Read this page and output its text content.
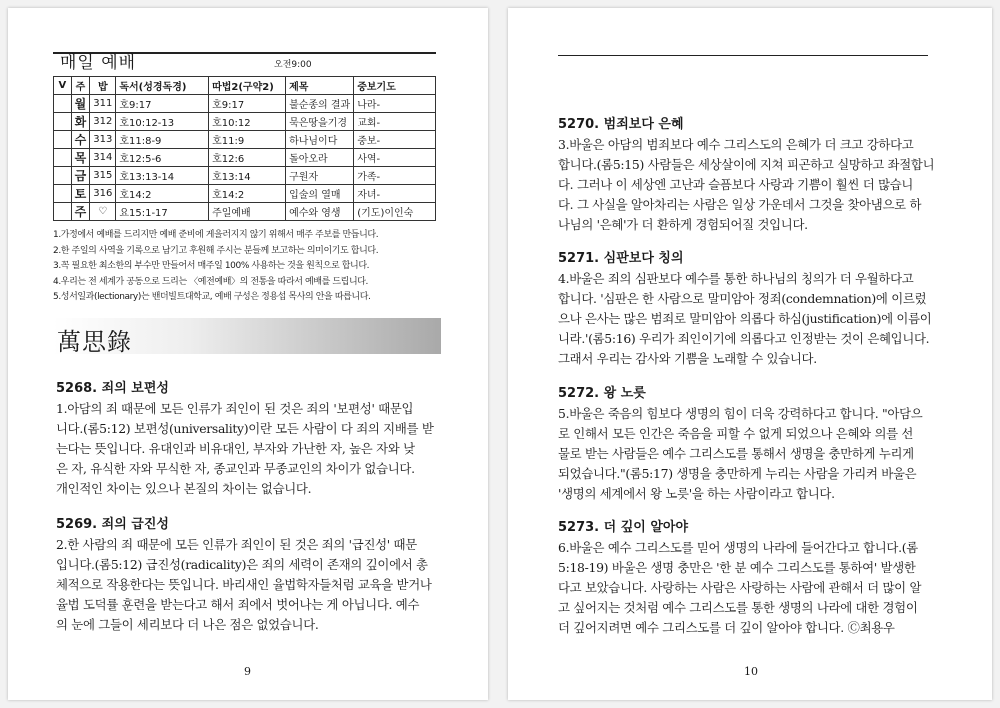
매일 예배	오전9:00
V	주	밥	독서(성경독경)	따법2(구약2)	제목	중보기도
	월	311	호9:17	호9:17	불순종의 결과	나라-
	화	312	호10:12-13	호10:12	묵은땅을기경	교회-
	수	313	호11:8-9	호11:9	하나님이다	중보-
	목	314	호12:5-6	호12:6	돌아오라	사역-
	금	315	호13:13-14	호13:14	구원자	가족-
	토	316	호14:2	호14:2	입술의 열매	자녀-
	주	♡	요15:1-17	주일예배	예수와 영생	(기도)이인숙
1.가정에서 예배를 드리지만 예배 준비에 게을러지지 않기 위해서 매주 주보를 만듭니다.
2.한 주일의 사역을 기록으로 남기고 후원해 주시는 분들께 보고하는 의미이기도 합니다.
3.꼭 필요한 최소한의 부수만 만들어서 매주일 100% 사용하는 것을 원칙으로 합니다.
4.우리는 전 세계가 공동으로 드리는 〈예전예배〉의 전통을 따라서 예배를 드립니다.
5.성서일과(lectionary)는 밴더빌트대학교, 예배 구성은 정용섭 목사의 안을 따릅니다.
萬思錄
5268. 죄의 보편성
1.아담의 죄 때문에 모든 인류가 죄인이 된 것은 죄의 '보편성' 때문입
니다.(롬5:12) 보편성(universality)이란 모든 사람이 다 죄의 지배를 받
는다는 뜻입니다. 유대인과 비유대인, 부자와 가난한 자, 높은 자와 낮
은 자, 유식한 자와 무식한 자, 종교인과 무종교인의 차이가 없습니다.
개인적인 차이는 있으나 본질의 차이는 없습니다.
5269. 죄의 급진성
2.한 사람의 죄 때문에 모든 인류가 죄인이 된 것은 죄의 '급진성' 때문
입니다.(롬5:12) 급진성(radicality)은 죄의 세력이 존재의 깊이에서 총
체적으로 작용한다는 뜻입니다. 바리새인 율법학자들처럼 교육을 받거나
율법 도덕률 훈련을 받는다고 해서 죄에서 벗어나는 게 아닙니다. 예수
의 눈에 그들이 세리보다 더 나은 점은 없었습니다.
9
5270. 범죄보다 은혜
3.바울은 아담의 범죄보다 예수 그리스도의 은혜가 더 크고 강하다고
합니다.(롬5:15) 사람들은 세상살이에 지쳐 피곤하고 실망하고 좌절합니
다. 그러나 이 세상엔 고난과 슬픔보다 사랑과 기쁨이 훨씬 더 많습니
다. 그 사실을 알아차리는 사람은 일상 가운데서 그것을 찾아냄으로 하
나님의 '은혜'가 더 환하게 경험되어질 것입니다.
5271. 심판보다 칭의
4.바울은 죄의 심판보다 예수를 통한 하나님의 칭의가 더 우월하다고
합니다. '심판은 한 사람으로 말미암아 정죄(condemnation)에 이르렀
으나 은사는 많은 범죄로 말미암아 의롭다 하심(justification)에 이름이
니라.'(롬5:16) 우리가 죄인이기에 의롭다고 인정받는 것이 은혜입니다.
그래서 우리는 감사와 기쁨을 노래할 수 있습니다.
5272. 왕 노릇
5.바울은 죽음의 힘보다 생명의 힘이 더욱 강력하다고 합니다. "아담으
로 인해서 모든 인간은 죽음을 피할 수 없게 되었으나 은혜와 의를 선
물로 받는 사람들은 예수 그리스도를 통해서 생명을 충만하게 누리게
되었습니다."(롬5:17) 생명을 충만하게 누리는 사람을 가리켜 바울은
'생명의 세계에서 왕 노릇'을 하는 사람이라고 합니다.
5273. 더 깊이 알아야
6.바울은 예수 그리스도를 믿어 생명의 나라에 들어간다고 합니다.(롬
5:18-19) 바울은 생명 충만은 '한 분 예수 그리스도를 통하여' 발생한
다고 보았습니다. 사랑하는 사람은 사랑하는 사람에 관해서 더 많이 알
고 싶어지는 것처럼 예수 그리스도를 통한 생명의 나라에 대한 경험이
더 깊어지려면 예수 그리스도를 더 깊이 알아야 합니다. Ⓒ최용우
10
